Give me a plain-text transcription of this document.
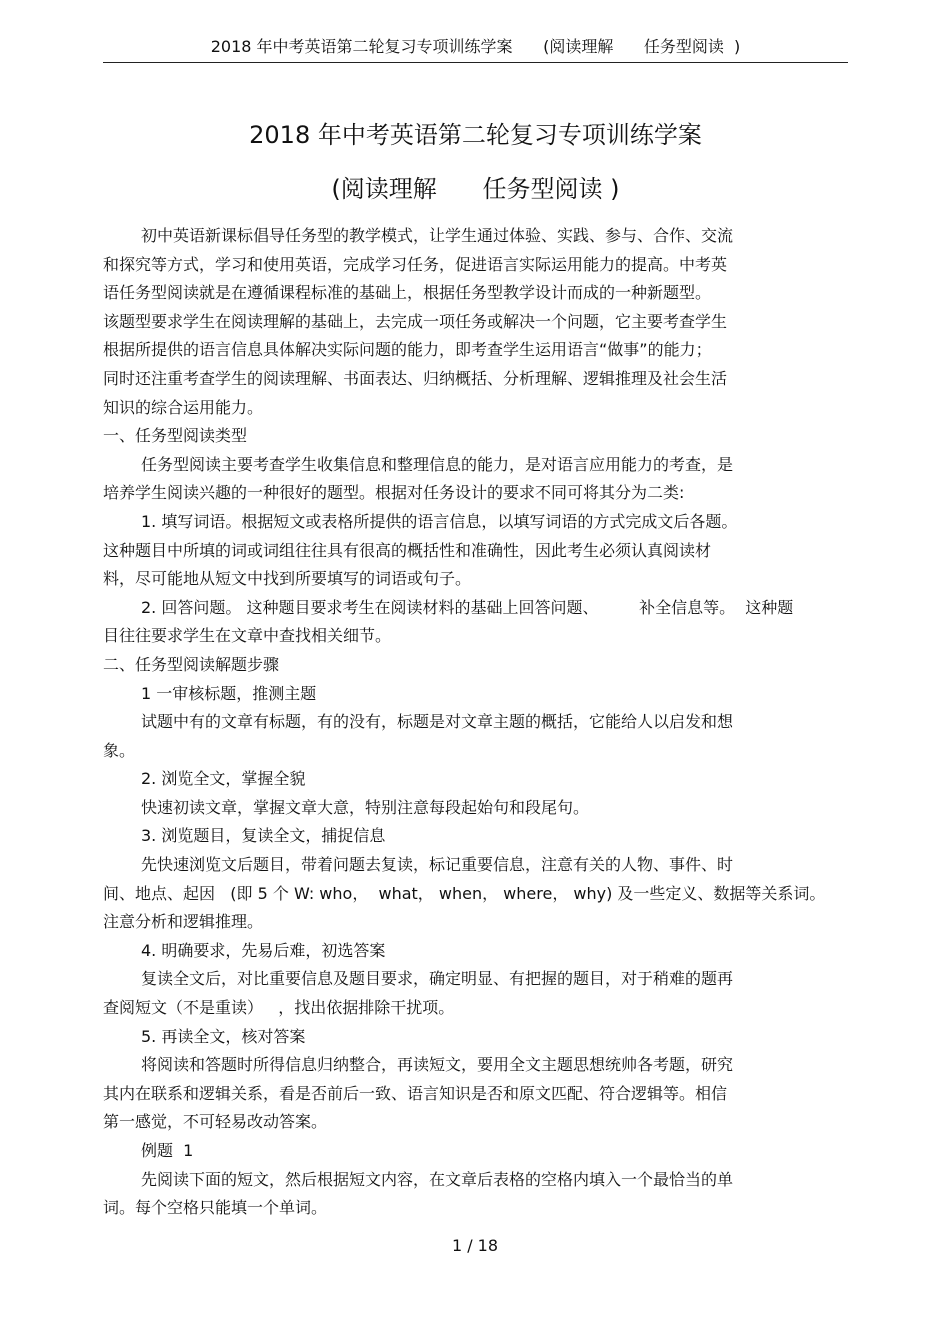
2018 年中考英语第二轮复习专项训练学案      (阅读理解      任务型阅读  )
2018 年中考英语第二轮复习专项训练学案
(阅读理解      任务型阅读 )
初中英语新课标倡导任务型的教学模式，让学生通过体验、实践、参与、合作、交流
和探究等方式，学习和使用英语，完成学习任务，促进语言实际运用能力的提高。中考英
语任务型阅读就是在遵循课程标准的基础上，根据任务型教学设计而成的一种新题型。
该题型要求学生在阅读理解的基础上，去完成一项任务或解决一个问题，它主要考查学生
根据所提供的语言信息具体解决实际问题的能力，即考查学生运用语言“做事”的能力；
同时还注重考查学生的阅读理解、书面表达、归纳概括、分析理解、逻辑推理及社会生活
知识的综合运用能力。
一、任务型阅读类型
任务型阅读主要考查学生收集信息和整理信息的能力，是对语言应用能力的考查，是
培养学生阅读兴趣的一种很好的题型。根据对任务设计的要求不同可将其分为二类:
1. 填写词语。根据短文或表格所提供的语言信息，以填写词语的方式完成文后各题。
这种题目中所填的词或词组往往具有很高的概括性和准确性，因此考生必须认真阅读材
料，尽可能地从短文中找到所要填写的词语或句子。
2. 回答问题。 这种题目要求考生在阅读材料的基础上回答问题、        补全信息等。  这种题
目往往要求学生在文章中查找相关细节。
二、任务型阅读解题步骤
1 一审核标题，推测主题
试题中有的文章有标题，有的没有，标题是对文章主题的概括，它能给人以启发和想
象。
2. 浏览全文，掌握全貌
快速初读文章，掌握文章大意，特别注意每段起始句和段尾句。
3. 浏览题目，复读全文，捕捉信息
先快速浏览文后题目，带着问题去复读，标记重要信息，注意有关的人物、事件、时
间、地点、起因   (即 5 个 W: who，  what， when， where， why) 及一些定义、数据等关系词。
注意分析和逻辑推理。
4. 明确要求，先易后难，初选答案
复读全文后，对比重要信息及题目要求，确定明显、有把握的题目，对于稍难的题再
查阅短文（不是重读）   ，找出依据排除干扰项。
5. 再读全文，核对答案
将阅读和答题时所得信息归纳整合，再读短文，要用全文主题思想统帅各考题，研究
其内在联系和逻辑关系，看是否前后一致、语言知识是否和原文匹配、符合逻辑等。相信
第一感觉，不可轻易改动答案。
例题  1
先阅读下面的短文，然后根据短文内容，在文章后表格的空格内填入一个最恰当的单
词。每个空格只能填一个单词。
1 / 18
